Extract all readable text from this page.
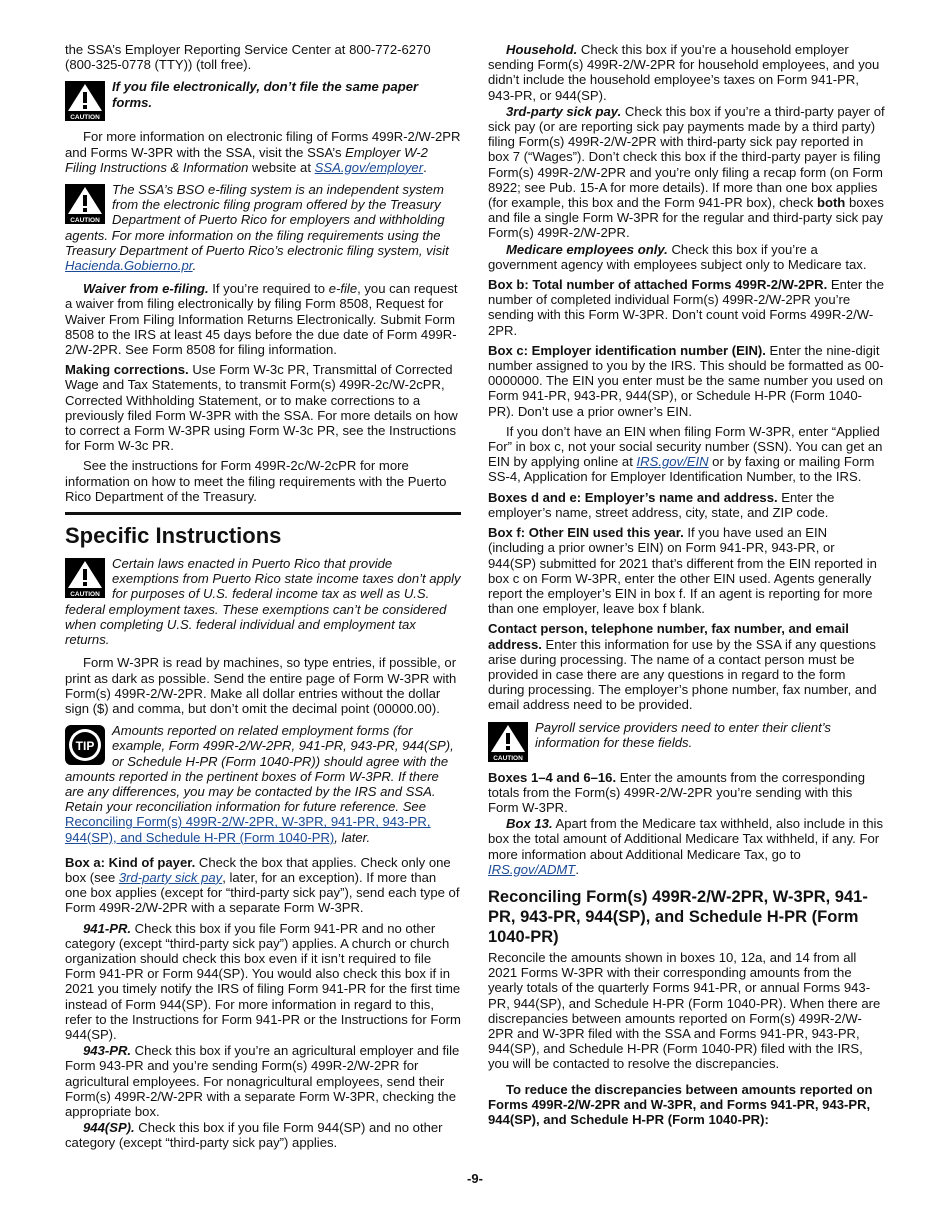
the SSA’s Employer Reporting Service Center at 800-772-6270 (800-325-0778 (TTY)) (toll free).

CAUTION
If you file electronically, don’t file the same paper forms.

For more information on electronic filing of Forms 499R-2/W-2PR and Forms W-3PR with the SSA, visit the SSA’s Employer W-2 Filing Instructions & Information website at SSA.gov/employer.

CAUTION
The SSA’s BSO e-filing system is an independent system from the electronic filing program offered by the Treasury Department of Puerto Rico for employers and withholding agents. For more information on the filing requirements using the Treasury Department of Puerto Rico’s electronic filing system, visit Hacienda.Gobierno.pr.

Waiver from e-filing. If you’re required to e-file, you can request a waiver from filing electronically by filing Form 8508, Request for Waiver From Filing Information Returns Electronically. Submit Form 8508 to the IRS at least 45 days before the due date of Form 499R-2/W-2PR. See Form 8508 for filing information.

Making corrections. Use Form W-3c PR, Transmittal of Corrected Wage and Tax Statements, to transmit Form(s) 499R-2c/W-2cPR, Corrected Withholding Statement, or to make corrections to a previously filed Form W-3PR with the SSA. For more details on how to correct a Form W-3PR using Form W-3c PR, see the Instructions for Form W-3c PR.

See the instructions for Form 499R-2c/W-2cPR for more information on how to meet the filing requirements with the Puerto Rico Department of the Treasury.

Specific Instructions
CAUTION
Certain laws enacted in Puerto Rico that provide exemptions from Puerto Rico state income taxes don’t apply for purposes of U.S. federal income tax as well as U.S. federal employment taxes. These exemptions can’t be considered when completing U.S. federal individual and employment tax returns.

Form W-3PR is read by machines, so type entries, if possible, or print as dark as possible. Send the entire page of Form W-3PR with Form(s) 499R-2/W-2PR. Make all dollar entries without the dollar sign ($) and comma, but don’t omit the decimal point (00000.00).

TIP
Amounts reported on related employment forms (for example, Form 499R-2/W-2PR, 941-PR, 943-PR, 944(SP), or Schedule H-PR (Form 1040-PR)) should agree with the amounts reported in the pertinent boxes of Form W-3PR. If there are any differences, you may be contacted by the IRS and SSA. Retain your reconciliation information for future reference. See Reconciling Form(s) 499R-2/W-2PR, W-3PR, 941-PR, 943-PR, 944(SP), and Schedule H-PR (Form 1040-PR), later.

Box a: Kind of payer. Check the box that applies. Check only one box (see 3rd-party sick pay, later, for an exception). If more than one box applies (except for “third-party sick pay”), send each type of Form 499R-2/W-2PR with a separate Form W-3PR.

941-PR. Check this box if you file Form 941-PR and no other category (except “third-party sick pay”) applies. A church or church organization should check this box even if it isn’t required to file Form 941-PR or Form 944(SP). You would also check this box if in 2021 you timely notify the IRS of filing Form 941-PR for the first time instead of Form 944(SP). For more information in regard to this, refer to the Instructions for Form 941-PR or the Instructions for Form 944(SP).

943-PR. Check this box if you’re an agricultural employer and file Form 943-PR and you’re sending Form(s) 499R-2/W-2PR for agricultural employees. For nonagricultural employees, send their Form(s) 499R-2/W-2PR with a separate Form W-3PR, checking the appropriate box.

944(SP). Check this box if you file Form 944(SP) and no other category (except “third-party sick pay”) applies.

Household. Check this box if you’re a household employer sending Form(s) 499R-2/W-2PR for household employees, and you didn’t include the household employee’s taxes on Form 941-PR, 943-PR, or 944(SP).

3rd-party sick pay. Check this box if you’re a third-party payer of sick pay (or are reporting sick pay payments made by a third party) filing Form(s) 499R-2/W-2PR with third-party sick pay reported in box 7 (“Wages”). Don’t check this box if the third-party payer is filing Form(s) 499R-2/W-2PR and you’re only filing a recap form (on Form 8922; see Pub. 15-A for more details). If more than one box applies (for example, this box and the Form 941-PR box), check both boxes and file a single Form W-3PR for the regular and third-party sick pay Form(s) 499R-2/W-2PR.

Medicare employees only. Check this box if you’re a government agency with employees subject only to Medicare tax.

Box b: Total number of attached Forms 499R-2/W-2PR. Enter the number of completed individual Form(s) 499R-2/W-2PR you’re sending with this Form W-3PR. Don’t count void Forms 499R-2/W-2PR.

Box c: Employer identification number (EIN). Enter the nine-digit number assigned to you by the IRS. This should be formatted as 00-0000000. The EIN you enter must be the same number you used on Form 941-PR, 943-PR, 944(SP), or Schedule H-PR (Form 1040-PR). Don’t use a prior owner’s EIN.

If you don’t have an EIN when filing Form W-3PR, enter “Applied For” in box c, not your social security number (SSN). You can get an EIN by applying online at IRS.gov/EIN or by faxing or mailing Form SS-4, Application for Employer Identification Number, to the IRS.

Boxes d and e: Employer’s name and address. Enter the employer’s name, street address, city, state, and ZIP code.

Box f: Other EIN used this year. If you have used an EIN (including a prior owner’s EIN) on Form 941-PR, 943-PR, or 944(SP) submitted for 2021 that’s different from the EIN reported in box c on Form W-3PR, enter the other EIN used. Agents generally report the employer’s EIN in box f. If an agent is reporting for more than one employer, leave box f blank.

Contact person, telephone number, fax number, and email address. Enter this information for use by the SSA if any questions arise during processing. The name of a contact person must be provided in case there are any questions in regard to the form during processing. The employer’s phone number, fax number, and email address need to be provided.

CAUTION
Payroll service providers need to enter their client’s information for these fields.

Boxes 1–4 and 6–16. Enter the amounts from the corresponding totals from the Form(s) 499R-2/W-2PR you’re sending with this Form W-3PR.

Box 13. Apart from the Medicare tax withheld, also include in this box the total amount of Additional Medicare Tax withheld, if any. For more information about Additional Medicare Tax, go to IRS.gov/ADMT.

Reconciling Form(s) 499R-2/W-2PR, W-3PR, 941-PR, 943-PR, 944(SP), and Schedule H-PR (Form 1040-PR)

Reconcile the amounts shown in boxes 10, 12a, and 14 from all 2021 Forms W-3PR with their corresponding amounts from the yearly totals of the quarterly Forms 941-PR, or annual Forms 943-PR, 944(SP), and Schedule H-PR (Form 1040-PR). When there are discrepancies between amounts reported on Form(s) 499R-2/W-2PR and W-3PR filed with the SSA and Forms 941-PR, 943-PR, 944(SP), and Schedule H-PR (Form 1040-PR) filed with the IRS, you will be contacted to resolve the discrepancies.

To reduce the discrepancies between amounts reported on Forms 499R-2/W-2PR and W-3PR, and Forms 941-PR, 943-PR, 944(SP), and Schedule H-PR (Form 1040-PR):

-9-
